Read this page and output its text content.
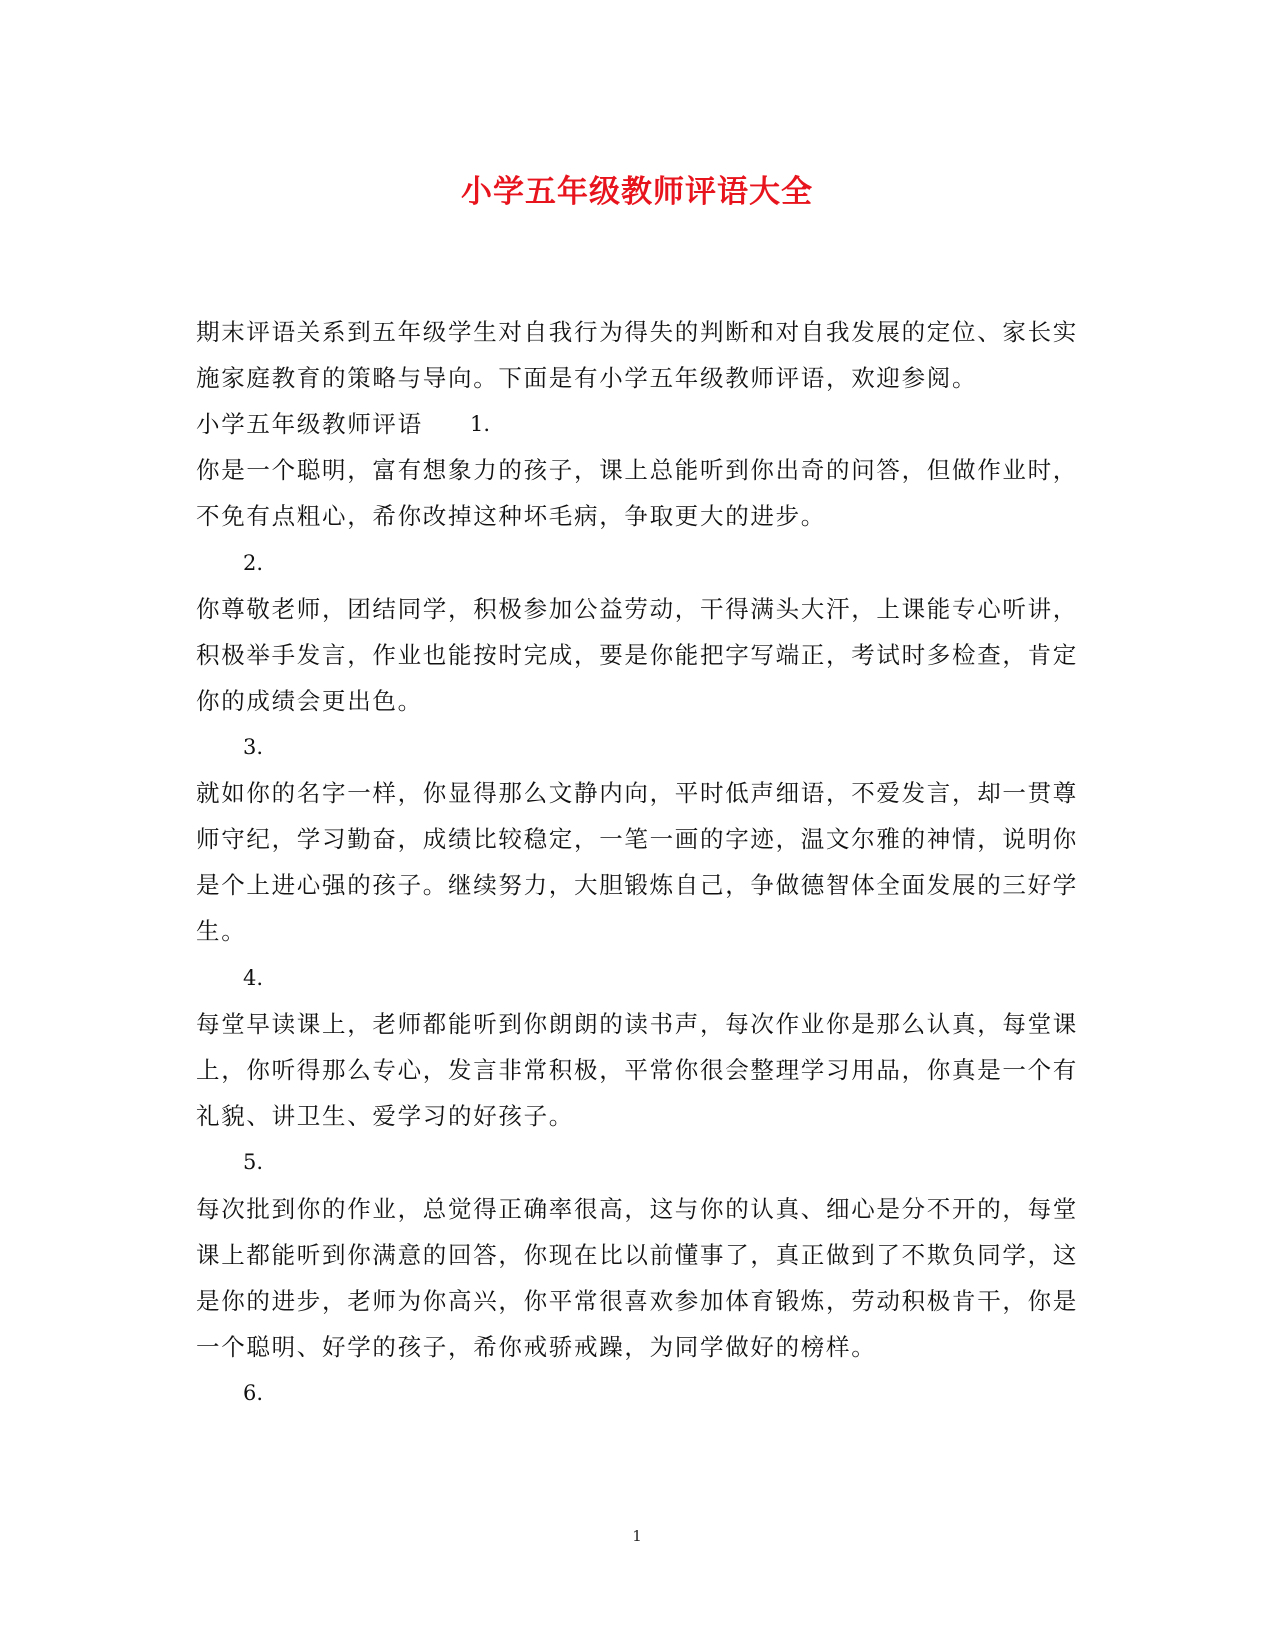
小学五年级教师评语大全
期末评语关系到五年级学生对自我行为得失的判断和对自我发展的定位、家长实
施家庭教育的策略与导向。下面是有小学五年级教师评语，欢迎参阅。
小学五年级教师评语 1.
你是一个聪明，富有想象力的孩子，课上总能听到你出奇的问答，但做作业时，
不免有点粗心，希你改掉这种坏毛病，争取更大的进步。
2.
你尊敬老师，团结同学，积极参加公益劳动，干得满头大汗，上课能专心听讲，
积极举手发言，作业也能按时完成，要是你能把字写端正，考试时多检查，肯定
你的成绩会更出色。
3.
就如你的名字一样，你显得那么文静内向，平时低声细语，不爱发言，却一贯尊
师守纪，学习勤奋，成绩比较稳定，一笔一画的字迹，温文尔雅的神情，说明你
是个上进心强的孩子。继续努力，大胆锻炼自己，争做德智体全面发展的三好学
生。
4.
每堂早读课上，老师都能听到你朗朗的读书声，每次作业你是那么认真，每堂课
上，你听得那么专心，发言非常积极，平常你很会整理学习用品，你真是一个有
礼貌、讲卫生、爱学习的好孩子。
5.
每次批到你的作业，总觉得正确率很高，这与你的认真、细心是分不开的，每堂
课上都能听到你满意的回答，你现在比以前懂事了，真正做到了不欺负同学，这
是你的进步，老师为你高兴，你平常很喜欢参加体育锻炼，劳动积极肯干，你是
一个聪明、好学的孩子，希你戒骄戒躁，为同学做好的榜样。
6.
1
